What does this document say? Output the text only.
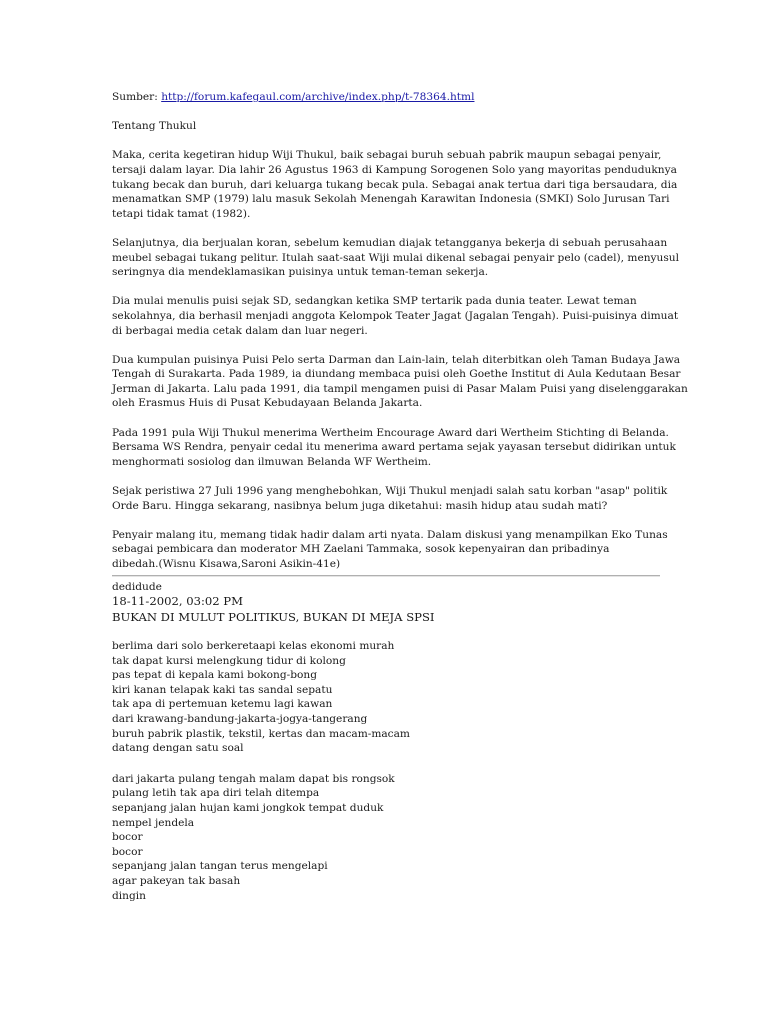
Sumber: http://forum.kafegaul.com/archive/index.php/t-78364.html
Tentang Thukul
Maka, cerita kegetiran hidup Wiji Thukul, baik sebagai buruh sebuah pabrik maupun sebagai penyair,
tersaji dalam layar. Dia lahir 26 Agustus 1963 di Kampung Sorogenen Solo yang mayoritas penduduknya
tukang becak dan buruh, dari keluarga tukang becak pula. Sebagai anak tertua dari tiga bersaudara, dia
menamatkan SMP (1979) lalu masuk Sekolah Menengah Karawitan Indonesia (SMKI) Solo Jurusan Tari
tetapi tidak tamat (1982).
Selanjutnya, dia berjualan koran, sebelum kemudian diajak tetangganya bekerja di sebuah perusahaan
meubel sebagai tukang pelitur. Itulah saat-saat Wiji mulai dikenal sebagai penyair pelo (cadel), menyusul
seringnya dia mendeklamasikan puisinya untuk teman-teman sekerja.
Dia mulai menulis puisi sejak SD, sedangkan ketika SMP tertarik pada dunia teater. Lewat teman
sekolahnya, dia berhasil menjadi anggota Kelompok Teater Jagat (Jagalan Tengah). Puisi-puisinya dimuat
di berbagai media cetak dalam dan luar negeri.
Dua kumpulan puisinya Puisi Pelo serta Darman dan Lain-lain, telah diterbitkan oleh Taman Budaya Jawa
Tengah di Surakarta. Pada 1989, ia diundang membaca puisi oleh Goethe Institut di Aula Kedutaan Besar
Jerman di Jakarta. Lalu pada 1991, dia tampil mengamen puisi di Pasar Malam Puisi yang diselenggarakan
oleh Erasmus Huis di Pusat Kebudayaan Belanda Jakarta.
Pada 1991 pula Wiji Thukul menerima Wertheim Encourage Award dari Wertheim Stichting di Belanda.
Bersama WS Rendra, penyair cedal itu menerima award pertama sejak yayasan tersebut didirikan untuk
menghormati sosiolog dan ilmuwan Belanda WF Wertheim.
Sejak peristiwa 27 Juli 1996 yang menghebohkan, Wiji Thukul menjadi salah satu korban "asap" politik
Orde Baru. Hingga sekarang, nasibnya belum juga diketahui: masih hidup atau sudah mati?
Penyair malang itu, memang tidak hadir dalam arti nyata. Dalam diskusi yang menampilkan Eko Tunas
sebagai pembicara dan moderator MH Zaelani Tammaka, sosok kepenyairan dan pribadinya
dibedah.(Wisnu Kisawa,Saroni Asikin-41e)
dedidude
18-11-2002, 03:02 PM
BUKAN DI MULUT POLITIKUS, BUKAN DI MEJA SPSI
berlima dari solo berkeretaapi kelas ekonomi murah
tak dapat kursi melengkung tidur di kolong
pas tepat di kepala kami bokong-bong
kiri kanan telapak kaki tas sandal sepatu
tak apa di pertemuan ketemu lagi kawan
dari krawang-bandung-jakarta-jogya-tangerang
buruh pabrik plastik, tekstil, kertas dan macam-macam
datang dengan satu soal
dari jakarta pulang tengah malam dapat bis rongsok
pulang letih tak apa diri telah ditempa
sepanjang jalan hujan kami jongkok tempat duduk
nempel jendela
bocor
bocor
sepanjang jalan tangan terus mengelapi
agar pakeyan tak basah
dingin
